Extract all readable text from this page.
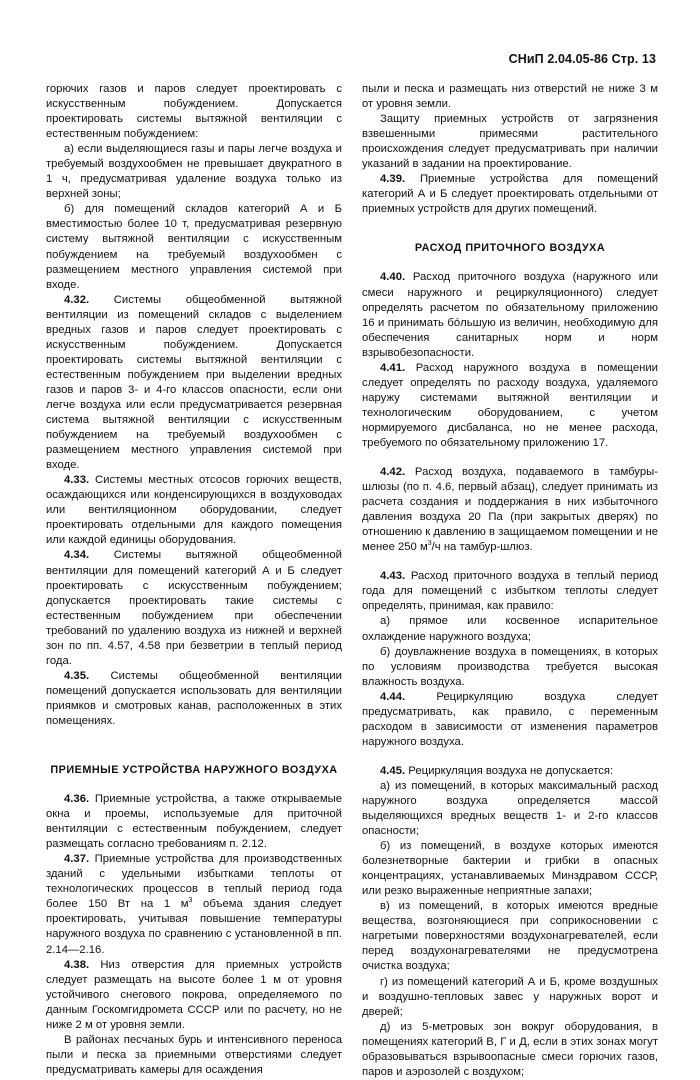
СНиП 2.04.05-86 Стр. 13

горючих газов и паров следует проектировать с искусственным побуждением. Допускается проектировать системы вытяжной вентиляции с естественным побуждением:

а) если выделяющиеся газы и пары легче воздуха и требуемый воздухообмен не превышает двукратного в 1 ч, предусматривая удаление воздуха только из верхней зоны;

б) для помещений складов категорий А и Б вместимостью более 10 т, предусматривая резервную систему вытяжной вентиляции с искусственным побуждением на требуемый воздухообмен с размещением местного управления системой при входе.

4.32. Системы общеобменной вытяжной вентиляции из помещений складов с выделением вредных газов и паров следует проектировать с искусственным побуждением. Допускается проектировать системы вытяжной вентиляции с естественным побуждением при выделении вредных газов и паров 3- и 4-го классов опасности, если они легче воздуха или если предусматривается резервная система вытяжной вентиляции с искусственным побуждением на требуемый воздухообмен с размещением местного управления системой при входе.

4.33. Системы местных отсосов горючих веществ, осаждающихся или конденсирующихся в воздуховодах или вентиляционном оборудовании, следует проектировать отдельными для каждого помещения или каждой единицы оборудования.

4.34. Системы вытяжной общеобменной вентиляции для помещений категорий А и Б следует проектировать с искусственным побуждением; допускается проектировать такие системы с естественным побуждением при обеспечении требований по удалению воздуха из нижней и верхней зон по пп. 4.57, 4.58 при безветрии в теплый период года.

4.35. Системы общеобменной вентиляции помещений допускается использовать для вентиляции приямков и смотровых канав, расположенных в этих помещениях.

ПРИЕМНЫЕ УСТРОЙСТВА НАРУЖНОГО ВОЗДУХА

4.36. Приемные устройства, а также открываемые окна и проемы, используемые для приточной вентиляции с естественным побуждением, следует размещать согласно требованиям п. 2.12.

4.37. Приемные устройства для производственных зданий с удельными избытками теплоты от технологических процессов в теплый период года более 150 Вт на 1 $м^3$ объема здания следует проектировать, учитывая повышение температуры наружного воздуха по сравнению с установленной в пп. 2.14—2.16.

4.38. Низ отверстия для приемных устройств следует размещать на высоте более 1 м от уровня устойчивого снегового покрова, определяемого по данным Госкомгидромета СССР или по расчету, но не ниже 2 м от уровня земли.

В районах песчаных бурь и интенсивного переноса пыли и песка за приемными отверстиями следует предусматривать камеры для осаждения

пыли и песка и размещать низ отверстий не ниже 3 м от уровня земли.

Защиту приемных устройств от загрязнения взвешенными примесями растительного происхождения следует предусматривать при наличии указаний в задании на проектирование.

4.39. Приемные устройства для помещений категорий А и Б следует проектировать отдельными от приемных устройств для других помещений.

РАСХОД ПРИТОЧНОГО ВОЗДУХА

4.40. Расход приточного воздуха (наружного или смеси наружного и рециркуляционного) следует определять расчетом по обязательному приложению 16 и принимать бóльшую из величин, необходимую для обеспечения санитарных норм и норм взрывобезопасности.

4.41. Расход наружного воздуха в помещении следует определять по расходу воздуха, удаляемого наружу системами вытяжной вентиляции и технологическим оборудованием, с учетом нормируемого дисбаланса, но не менее расхода, требуемого по обязательному приложению 17.

4.42. Расход воздуха, подаваемого в тамбуры-шлюзы (по п. 4.6, первый абзац), следует принимать из расчета создания и поддержания в них избыточного давления воздуха 20 Па (при закрытых дверях) по отношению к давлению в защищаемом помещении и не менее 250 $м^3/ч$ на тамбур-шлюз.

4.43. Расход приточного воздуха в теплый период года для помещений с избытком теплоты следует определять, принимая, как правило:

а) прямое или косвенное испарительное охлаждение наружного воздуха;

б) доувлажнение воздуха в помещениях, в которых по условиям производства требуется высокая влажность воздуха.

4.44. Рециркуляцию воздуха следует предусматривать, как правило, с переменным расходом в зависимости от изменения параметров наружного воздуха.

4.45. Рециркуляция воздуха не допускается:

а) из помещений, в которых максимальный расход наружного воздуха определяется массой выделяющихся вредных веществ 1- и 2-го классов опасности;

б) из помещений, в воздухе которых имеются болезнетворные бактерии и грибки в опасных концентрациях, устанавливаемых Минздравом СССР, или резко выраженные неприятные запахи;

в) из помещений, в которых имеются вредные вещества, возгоняющиеся при соприкосновении с нагретыми поверхностями воздухонагревателей, если перед воздухонагревателями не предусмотрена очистка воздуха;

г) из помещений категорий А и Б, кроме воздушных и воздушно-тепловых завес у наружных ворот и дверей;

д) из 5-метровых зон вокруг оборудования, в помещениях категорий В, Г и Д, если в этих зонах могут образовываться взрывоопасные смеси горючих газов, паров и аэрозолей с воздухом;
